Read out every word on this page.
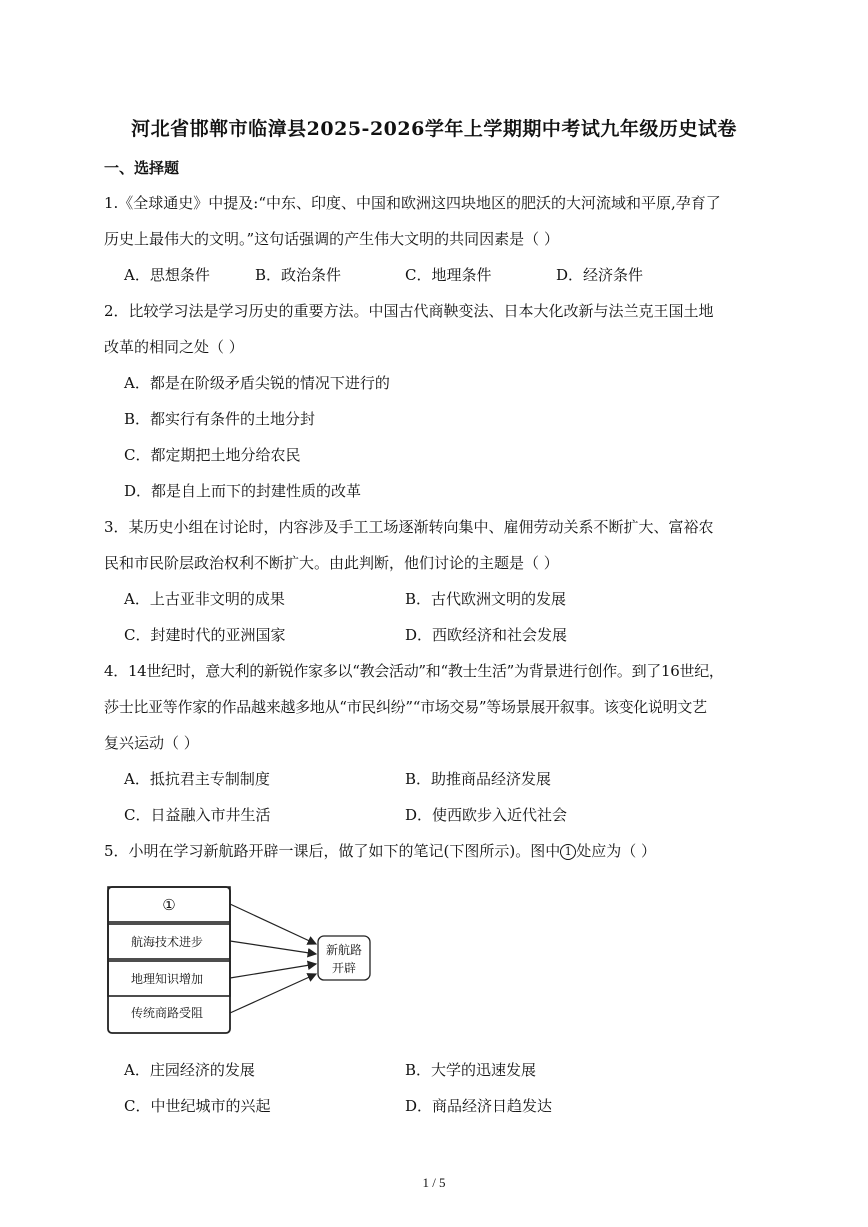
河北省邯郸市临漳县2025-2026学年上学期期中考试九年级历史试卷
一、选择题
1.《全球通史》中提及:“中东、印度、中国和欧洲这四块地区的肥沃的大河流域和平原,孕育了
历史上最伟大的文明。”这句话强调的产生伟大文明的共同因素是（ ）
A．思想条件	B．政治条件	C．地理条件	D．经济条件
2．比较学习法是学习历史的重要方法。中国古代商鞅变法、日本大化改新与法兰克王国土地
改革的相同之处（ ）
A．都是在阶级矛盾尖锐的情况下进行的
B．都实行有条件的土地分封
C．都定期把土地分给农民
D．都是自上而下的封建性质的改革
3．某历史小组在讨论时，内容涉及手工工场逐渐转向集中、雇佣劳动关系不断扩大、富裕农
民和市民阶层政治权利不断扩大。由此判断，他们讨论的主题是（ ）
A．上古亚非文明的成果	B．古代欧洲文明的发展
C．封建时代的亚洲国家	D．西欧经济和社会发展
4．14世纪时，意大利的新锐作家多以“教会活动”和“教士生活”为背景进行创作。到了16世纪，
莎士比亚等作家的作品越来越多地从“市民纠纷”“市场交易”等场景展开叙事。该变化说明文艺
复兴运动（ ）
A．抵抗君主专制制度	B．助推商品经济发展
C．日益融入市井生活	D．使西欧步入近代社会
5．小明在学习新航路开辟一课后，做了如下的笔记(下图所示)。图中 1 处应为（ ）
①
航海技术进步
地理知识增加
传统商路受阻
新航路
开辟
A．庄园经济的发展	B．大学的迅速发展
C．中世纪城市的兴起	D．商品经济日趋发达
1 / 5
